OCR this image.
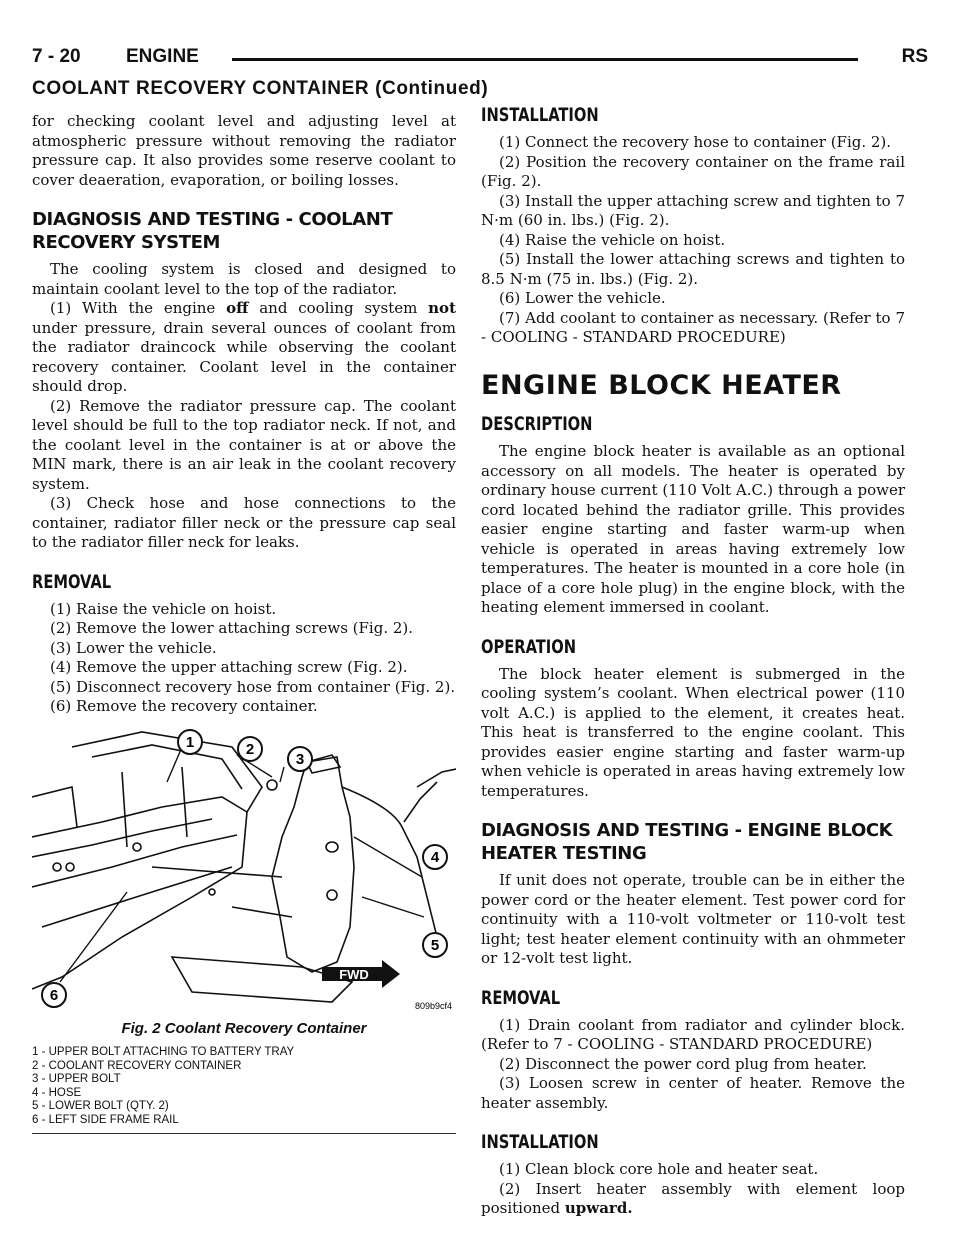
7 - 20 ENGINE	RS
COOLANT RECOVERY CONTAINER (Continued)

for checking coolant level and adjusting level at atmospheric pressure without removing the radiator pressure cap. It also provides some reserve coolant to cover deaeration, evaporation, or boiling losses.

DIAGNOSIS AND TESTING - COOLANT RECOVERY SYSTEM

The cooling system is closed and designed to maintain coolant level to the top of the radiator.

(1) With the engine off and cooling system not under pressure, drain several ounces of coolant from the radiator draincock while observing the coolant recovery container. Coolant level in the container should drop.

(2) Remove the radiator pressure cap. The coolant level should be full to the top radiator neck. If not, and the coolant level in the container is at or above the MIN mark, there is an air leak in the coolant recovery system.

(3) Check hose and hose connections to the container, radiator filler neck or the pressure cap seal to the radiator filler neck for leaks.

REMOVAL

(1) Raise the vehicle on hoist.

(2) Remove the lower attaching screws (Fig. 2).

(3) Lower the vehicle.

(4) Remove the upper attaching screw (Fig. 2).

(5) Disconnect recovery hose from container (Fig. 2).

(6) Remove the recovery container.

1	2
3
4
5
6
FWD
809b9cf4
Fig. 2 Coolant Recovery Container
1 - UPPER BOLT ATTACHING TO BATTERY TRAY
2 - COOLANT RECOVERY CONTAINER
3 - UPPER BOLT
4 - HOSE
5 - LOWER BOLT (QTY. 2)
6 - LEFT SIDE FRAME RAIL
INSTALLATION

(1) Connect the recovery hose to container (Fig. 2).

(2) Position the recovery container on the frame rail (Fig. 2).

(3) Install the upper attaching screw and tighten to 7 N·m (60 in. lbs.) (Fig. 2).

(4) Raise the vehicle on hoist.

(5) Install the lower attaching screws and tighten to 8.5 N·m (75 in. lbs.) (Fig. 2).

(6) Lower the vehicle.

(7) Add coolant to container as necessary. (Refer to 7 - COOLING - STANDARD PROCEDURE)

ENGINE BLOCK HEATER
DESCRIPTION

The engine block heater is available as an optional accessory on all models. The heater is operated by ordinary house current (110 Volt A.C.) through a power cord located behind the radiator grille. This provides easier engine starting and faster warm-up when vehicle is operated in areas having extremely low temperatures. The heater is mounted in a core hole (in place of a core hole plug) in the engine block, with the heating element immersed in coolant.

OPERATION

The block heater element is submerged in the cooling system’s coolant. When electrical power (110 volt A.C.) is applied to the element, it creates heat. This heat is transferred to the engine coolant. This provides easier engine starting and faster warm-up when vehicle is operated in areas having extremely low temperatures.

DIAGNOSIS AND TESTING - ENGINE BLOCK HEATER TESTING

If unit does not operate, trouble can be in either the power cord or the heater element. Test power cord for continuity with a 110-volt voltmeter or 110-volt test light; test heater element continuity with an ohmmeter or 12-volt test light.

REMOVAL

(1) Drain coolant from radiator and cylinder block. (Refer to 7 - COOLING - STANDARD PROCEDURE)

(2) Disconnect the power cord plug from heater.

(3) Loosen screw in center of heater. Remove the heater assembly.

INSTALLATION

(1) Clean block core hole and heater seat.

(2) Insert heater assembly with element loop positioned upward.
